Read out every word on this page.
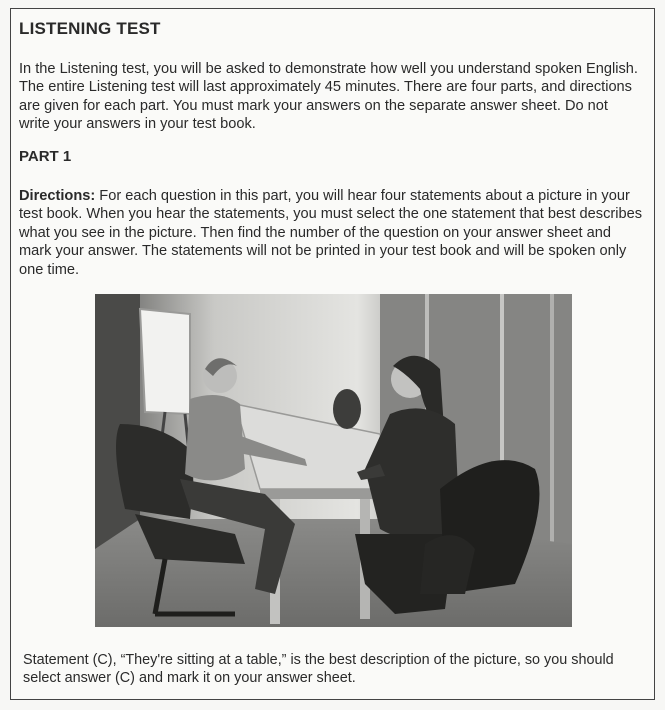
LISTENING TEST
In the Listening test, you will be asked to demonstrate how well you understand spoken English. The entire Listening test will last approximately 45 minutes. There are four parts, and directions are given for each part. You must mark your answers on the separate answer sheet. Do not write your answers in your test book.
PART 1
Directions: For each question in this part, you will hear four statements about a picture in your test book. When you hear the statements, you must select the one statement that best describes what you see in the picture. Then find the number of the question on your answer sheet and mark your answer. The statements will not be printed in your test book and will be spoken only one time.
Statement (C), “They're sitting at a table,” is the best description of the picture, so you should select answer (C) and mark it on your answer sheet.
